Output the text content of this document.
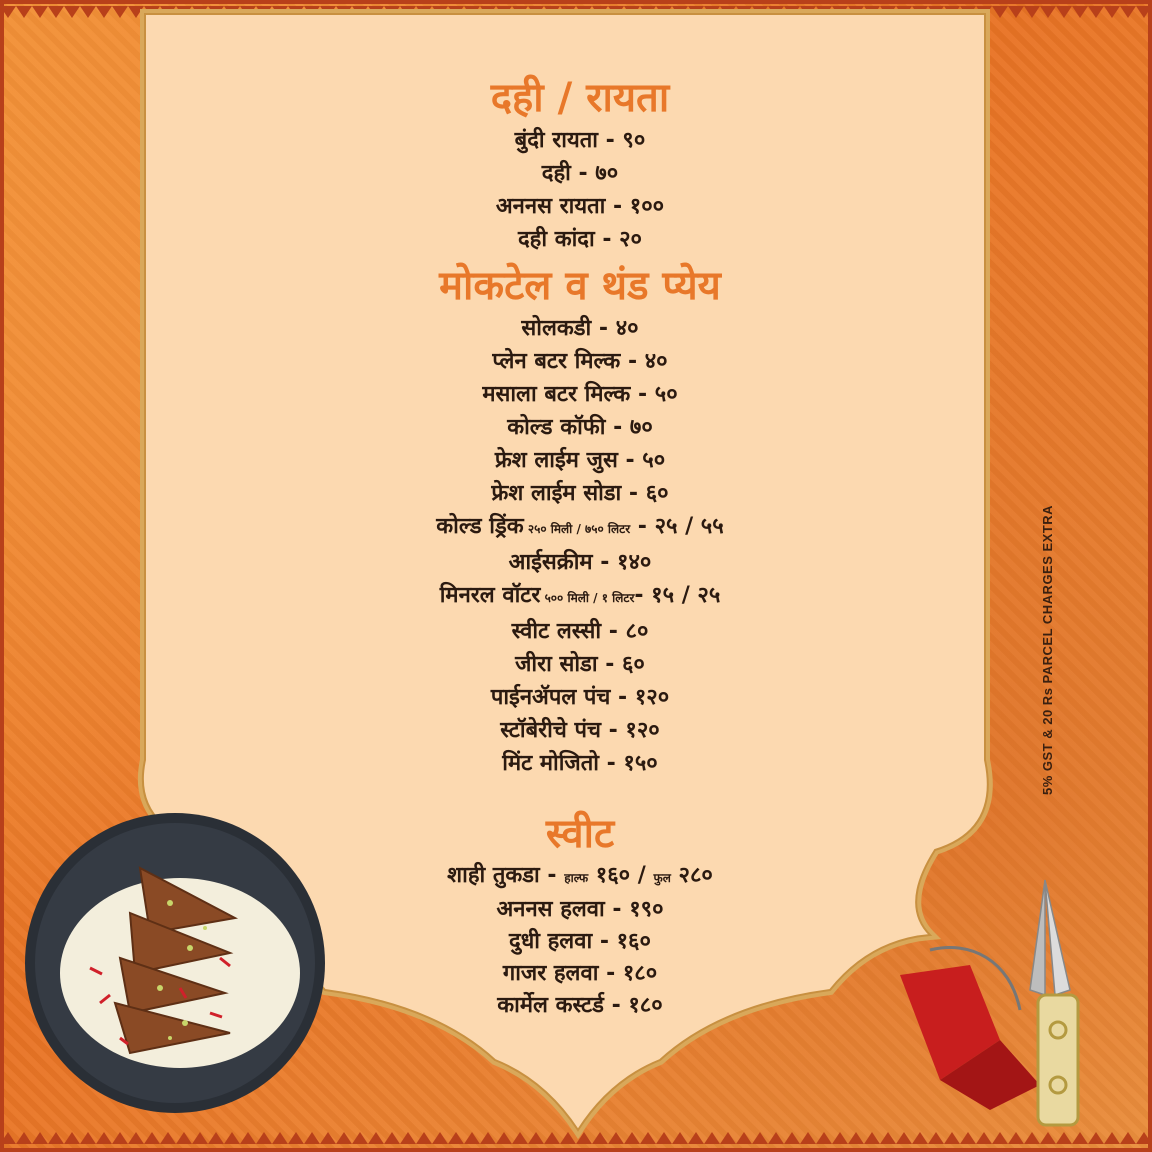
दही / रायता
बुंदी रायता - ९०
दही - ७०
अननस रायता - १००
दही कांदा - २०
मोकटेल व थंड प्येय
सोलकडी - ४०
प्लेन बटर मिल्क - ४०
मसाला बटर मिल्क - ५०
कोल्ड कॉफी - ७०
फ्रेश लाईम जुस - ५०
फ्रेश लाईम सोडा - ६०
कोल्ड ड्रिंक २५० मिली / ७५० लिटर - २५ / ५५
आईसक्रीम - १४०
मिनरल वॉटर ५०० मिली / १ लिटर- १५ / २५
स्वीट लस्सी - ८०
जीरा सोडा - ६०
पाईनॲपल पंच - १२०
स्टॉबेरीचे पंच - १२०
मिंट मोजितो - १५०
स्वीट
शाही तुकडा - हाल्फ १६० / फुल २८०
अननस हलवा - १९०
दुधी हलवा - १६०
गाजर हलवा - १८०
कार्मेल कस्टर्ड - १८०
5% GST & 20 Rs PARCEL CHARGES EXTRA
